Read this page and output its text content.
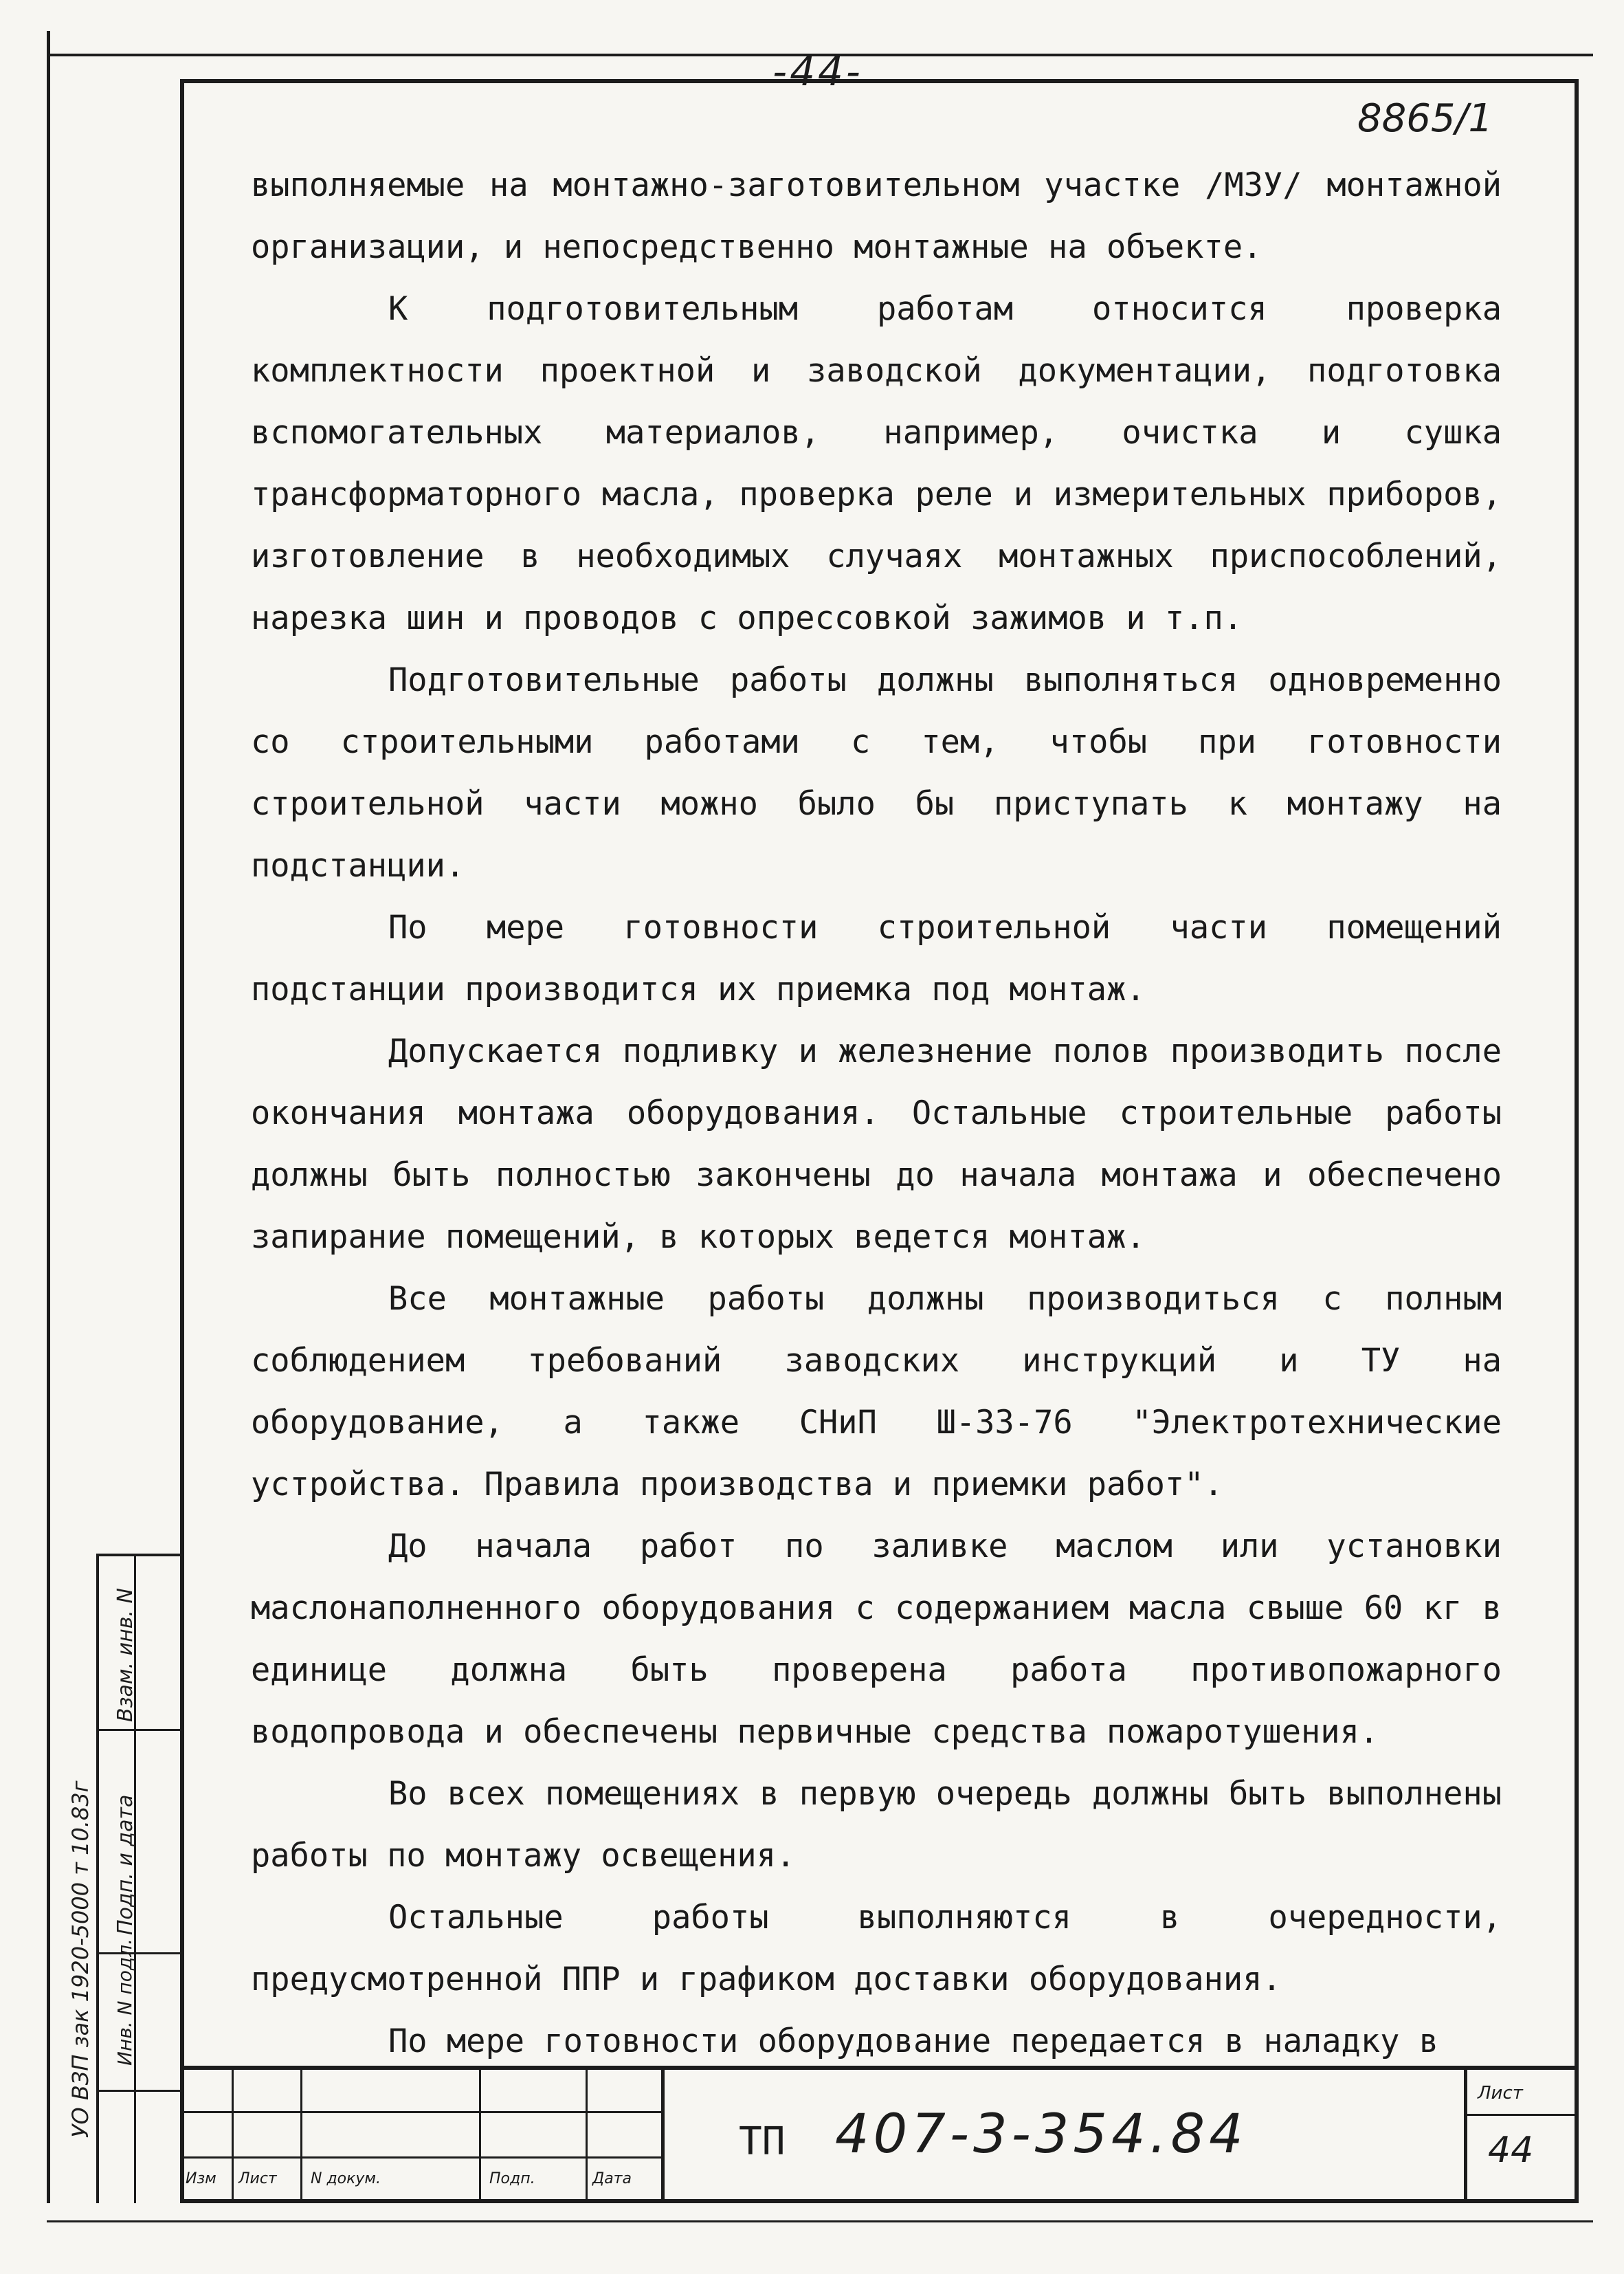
-44-
8865/1

выполняемые на монтажно-заготовительном участке /МЗУ/ монтажной организации, и непосредственно монтажные на объекте.

К подготовительным работам относится проверка комплектности проектной и заводской документации, подготовка вспомогательных материалов, например, очистка и сушка трансформаторного масла, проверка реле и измерительных приборов, изготовление в необходимых случаях монтажных приспособлений, нарезка шин и проводов с опрессовкой зажимов и т.п.

Подготовительные работы должны выполняться одновременно со строительными работами с тем, чтобы при готовности строительной части можно было бы приступать к монтажу на подстанции.

По мере готовности строительной части помещений подстанции производится их приемка под монтаж.

Допускается подливку и железнение полов производить после окончания монтажа оборудования. Остальные строительные работы должны быть полностью закончены до начала монтажа и обеспечено запирание помещений, в которых ведется монтаж.

Все монтажные работы должны производиться с полным соблюдением требований заводских инструкций и ТУ на оборудование, а также СНиП Ш-33-76 "Электротехнические устройства. Правила производства и приемки работ".

До начала работ по заливке маслом или установки маслонаполненного оборудования с содержанием масла свыше 60 кг в единице должна быть проверена работа противопожарного водопровода и обеспечены первичные средства пожаротушения.

Во всех помещениях в первую очередь должны быть выполнены работы по монтажу освещения.

Остальные работы выполняются в очередности, предусмотренной ППР и графиком доставки оборудования.

По мере готовности оборудование передается в наладку в

Изм Лист N докум.	Подп.	Дата
ТП 407-3-354.84
Лист
44
Взам. инв. N
Подп. и дата
Инв. N подл.
УО ВЗП зак 1920-5000 т 10.83г
